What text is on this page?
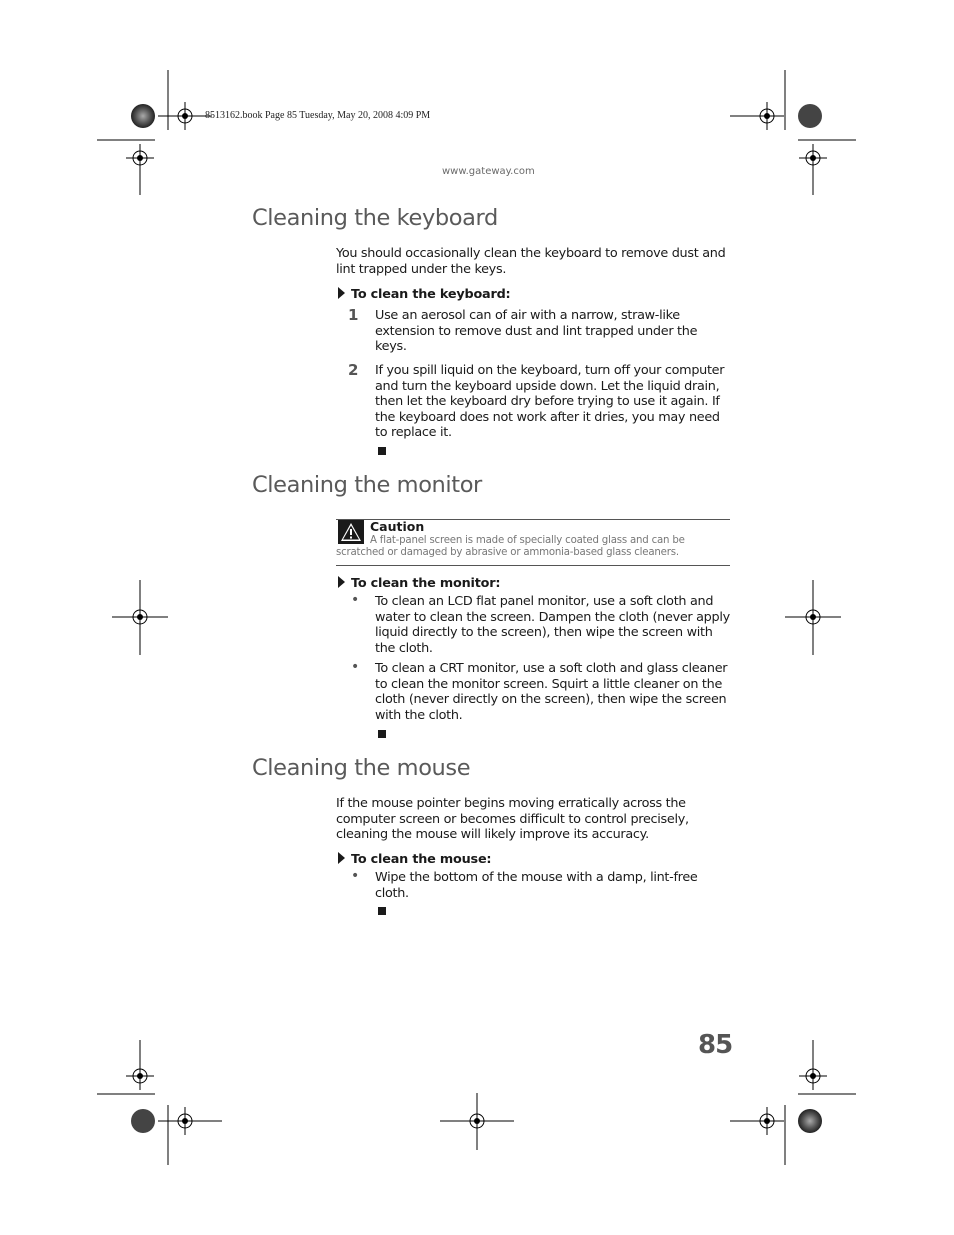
8513162.book Page 85 Tuesday, May 20, 2008 4:09 PM
www.gateway.com
Cleaning the keyboard

You should occasionally clean the keyboard to remove dust and lint trapped under the keys.

To clean the keyboard:
1 Use an aerosol can of air with a narrow, straw-like extension to remove dust and lint trapped under the keys.

2 If you spill liquid on the keyboard, turn off your computer and turn the keyboard upside down. Let the liquid drain, then let the keyboard dry before trying to use it again. If the keyboard does not work after it dries, you may need to replace it.

Cleaning the monitor
Caution

A flat-panel screen is made of specially coated glass and can be scratched or damaged by abrasive or ammonia-based glass cleaners.

To clean the monitor:
• To clean an LCD flat panel monitor, use a soft cloth and water to clean the screen. Dampen the cloth (never apply liquid directly to the screen), then wipe the screen with the cloth.

• To clean a CRT monitor, use a soft cloth and glass cleaner to clean the monitor screen. Squirt a little cleaner on the cloth (never directly on the screen), then wipe the screen with the cloth.

Cleaning the mouse

If the mouse pointer begins moving erratically across the computer screen or becomes difficult to control precisely, cleaning the mouse will likely improve its accuracy.

To clean the mouse:
• Wipe the bottom of the mouse with a damp, lint-free cloth.

85
